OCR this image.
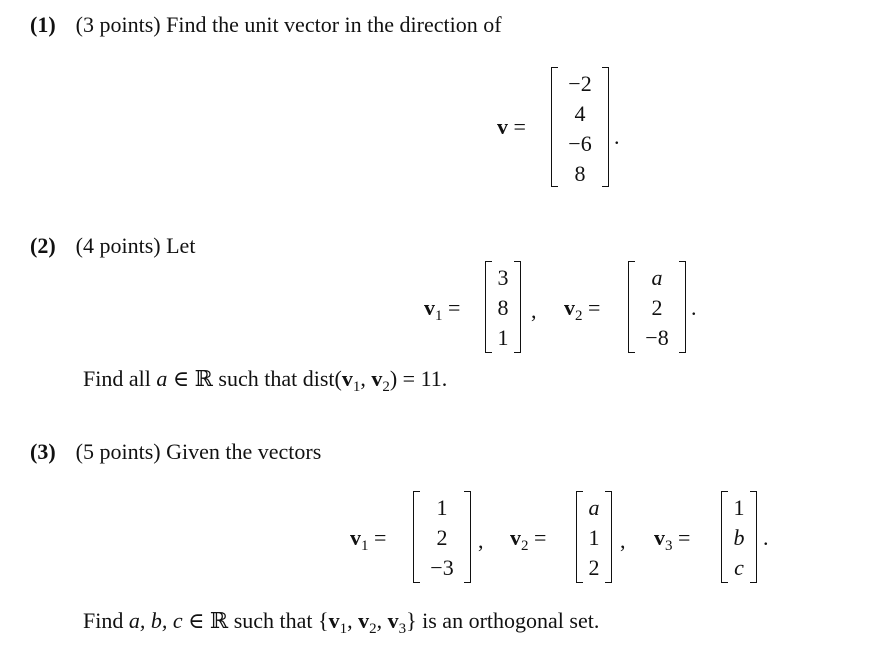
(1) (3 points) Find the unit vector in the direction of
v =
−2
4
−6
8
.
(2) (4 points) Let
$v_1$ =
3
8
1
, $v_2$ =
a
2
−8
.
Find all a ∈ ℝ such that $dist(v_1$, $v_2) = 11$.
(3) (5 points) Given the vectors
$v_1$ =
1
2
−3
, $v_2$ =
a
1
2
, $v_3$ =
1
b
c
.
Find a, b, c ∈ ℝ such that {$v_1$, $v_2$, $v_3$} is an orthogonal set.
